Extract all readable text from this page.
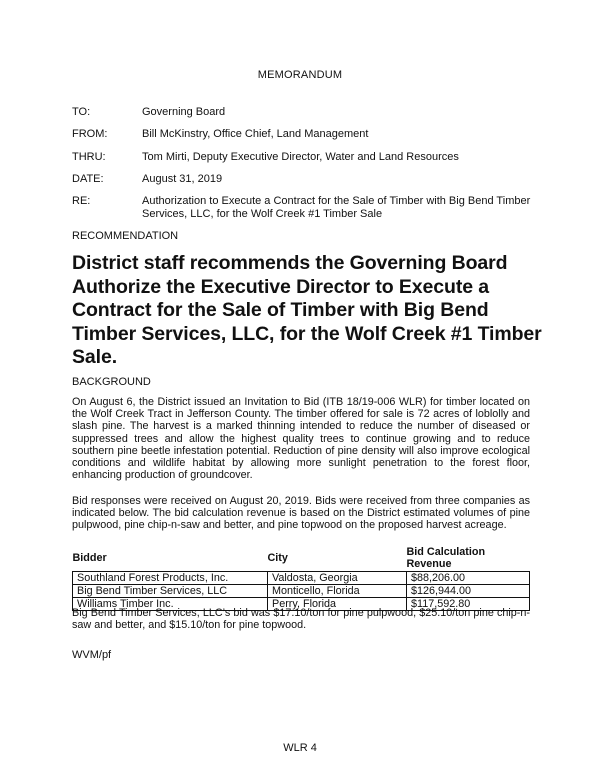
MEMORANDUM
TO:	Governing Board
FROM:	Bill McKinstry, Office Chief, Land Management
THRU:	Tom Mirti, Deputy Executive Director, Water and Land Resources
DATE:	August 31, 2019
RE:	Authorization to Execute a Contract for the Sale of Timber with Big Bend Timber Services, LLC, for the Wolf Creek #1 Timber Sale
RECOMMENDATION
District staff recommends the Governing Board Authorize the Executive Director to Execute a Contract for the Sale of Timber with Big Bend Timber Services, LLC, for the Wolf Creek #1 Timber Sale.
BACKGROUND
On August 6, the District issued an Invitation to Bid (ITB 18/19-006 WLR) for timber located on the Wolf Creek Tract in Jefferson County. The timber offered for sale is 72 acres of loblolly and slash pine. The harvest is a marked thinning intended to reduce the number of diseased or suppressed trees and allow the highest quality trees to continue growing and to reduce southern pine beetle infestation potential. Reduction of pine density will also improve ecological conditions and wildlife habitat by allowing more sunlight penetration to the forest floor, enhancing production of groundcover.
Bid responses were received on August 20, 2019. Bids were received from three companies as indicated below. The bid calculation revenue is based on the District estimated volumes of pine pulpwood, pine chip-n-saw and better, and pine topwood on the proposed harvest acreage.
Bidder	City	Bid Calculation Revenue
Southland Forest Products, Inc.	Valdosta, Georgia	$88,206.00
Big Bend Timber Services, LLC	Monticello, Florida	$126,944.00
Williams Timber Inc.	Perry, Florida	$117,592.80
Big Bend Timber Services, LLC’s bid was $17.10/ton for pine pulpwood, $25.10/ton pine chip-n-saw and better, and $15.10/ton for pine topwood.
WVM/pf
WLR 4
